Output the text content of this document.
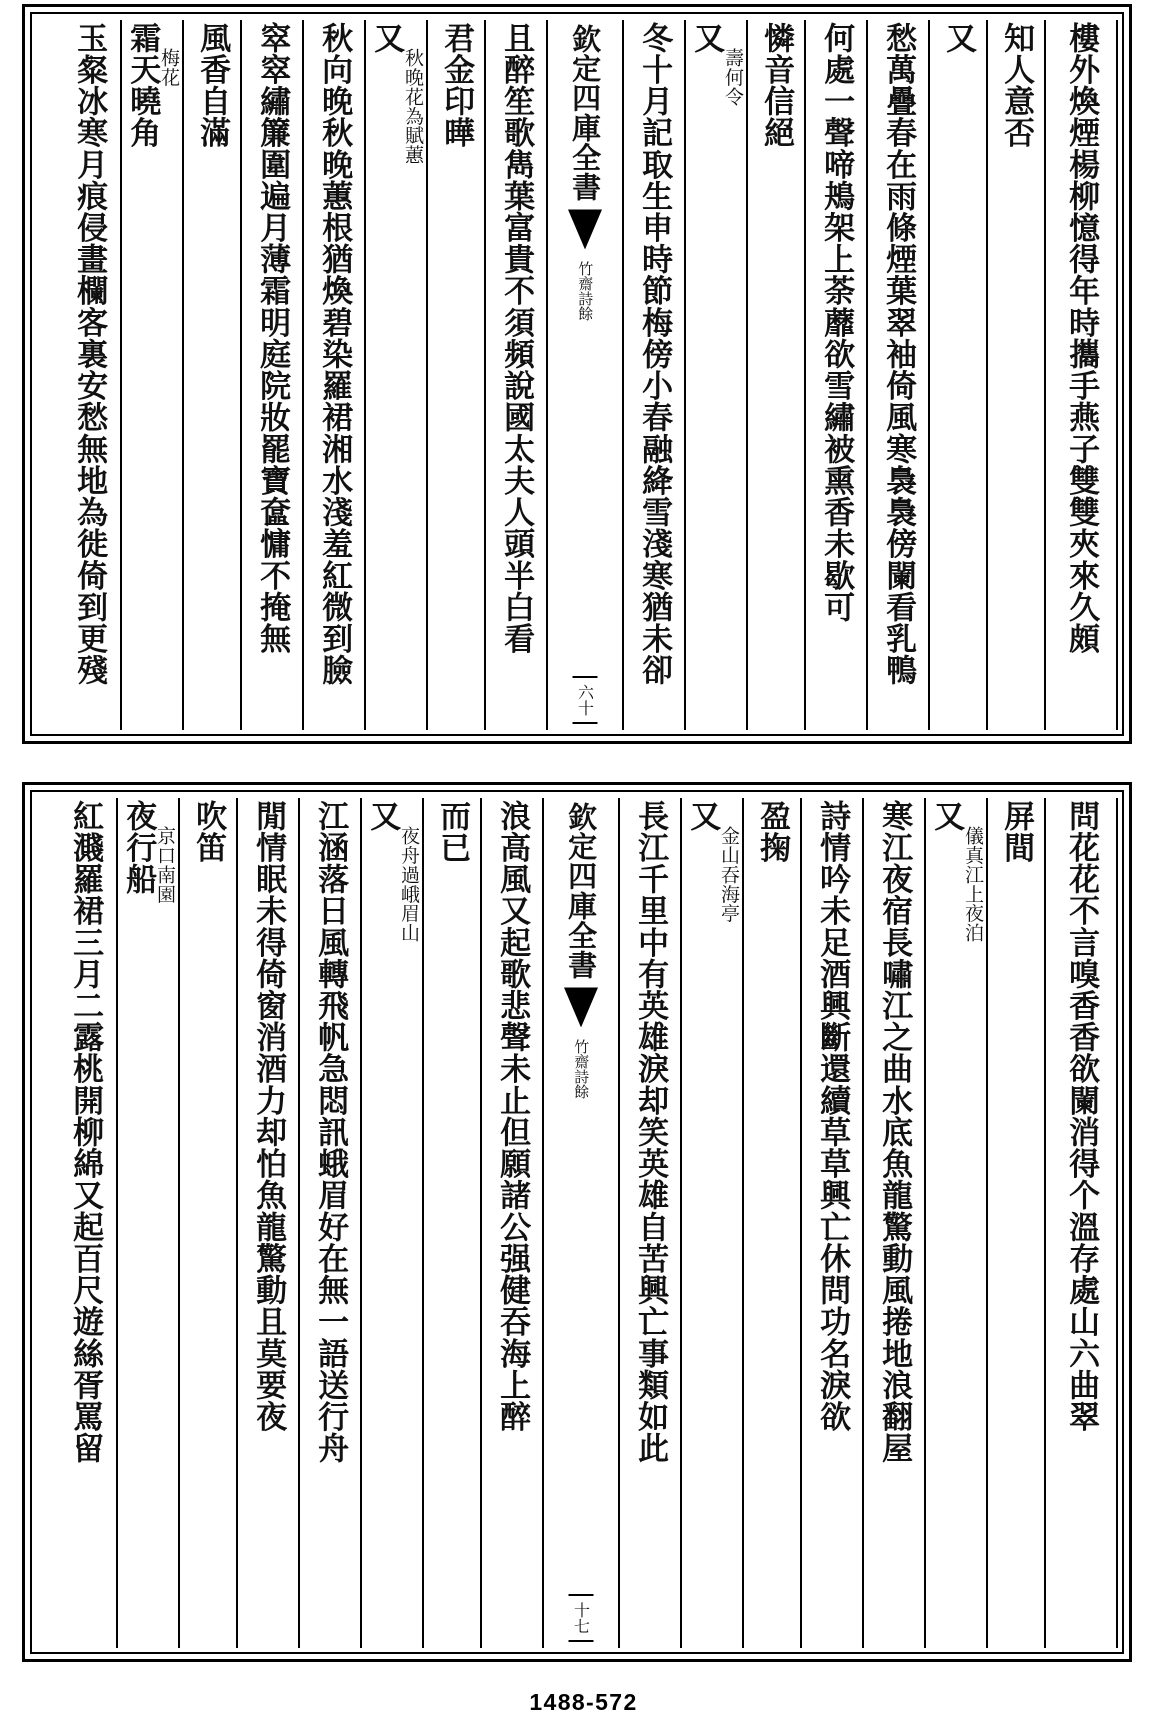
樓外煥煙楊柳憶得年時攜手燕子雙雙夾來久頗
知人意否
又
愁萬疊春在雨條煙葉翠袖倚風寒裊裊傍闌看乳鴨
何處一聲啼鴂架上荼蘼欲雪繡被熏香未歇可
憐音信絕
又
壽何令
冬十月記取生申時節梅傍小春融絳雪淺寒猶未卻
欽定四庫全書
竹齋詩餘
六十
且醉笙歌雋葉富貴不須頻說國太夫人頭半白看
君金印曄
又
秋晚花為賦蕙
秋向晚秋晚蕙根猶煥碧染羅裙湘水淺羞紅微到臉
窣窣繡簾圍遍月薄霜明庭院妝罷寶奩慵不掩無
風香自滿
霜天曉角
梅花
玉粲冰寒月痕侵畫欄客裏安愁無地為徙倚到更殘
問花花不言嗅香香欲闌消得个溫存處山六曲翠
屏間
又
儀真江上夜泊
寒江夜宿長嘯江之曲水底魚龍驚動風捲地浪翻屋
詩情吟未足酒興斷還續草草興亡休問功名淚欲
盈掬
又
金山吞海亭
長江千里中有英雄淚却笑英雄自苦興亡事類如此
欽定四庫全書
竹齋詩餘
十七
浪高風又起歌悲聲未止但願諸公强健吞海上醉
而已
又
夜舟過峨眉山
江涵落日風轉飛帆急悶訊蛾眉好在無一語送行舟
閒情眠未得倚窗消酒力却怕魚龍驚動且莫要夜
吹笛
夜行船
京口南園
紅濺羅裙三月二露桃開柳綿又起百尺遊絲胥罵留
1488-572
